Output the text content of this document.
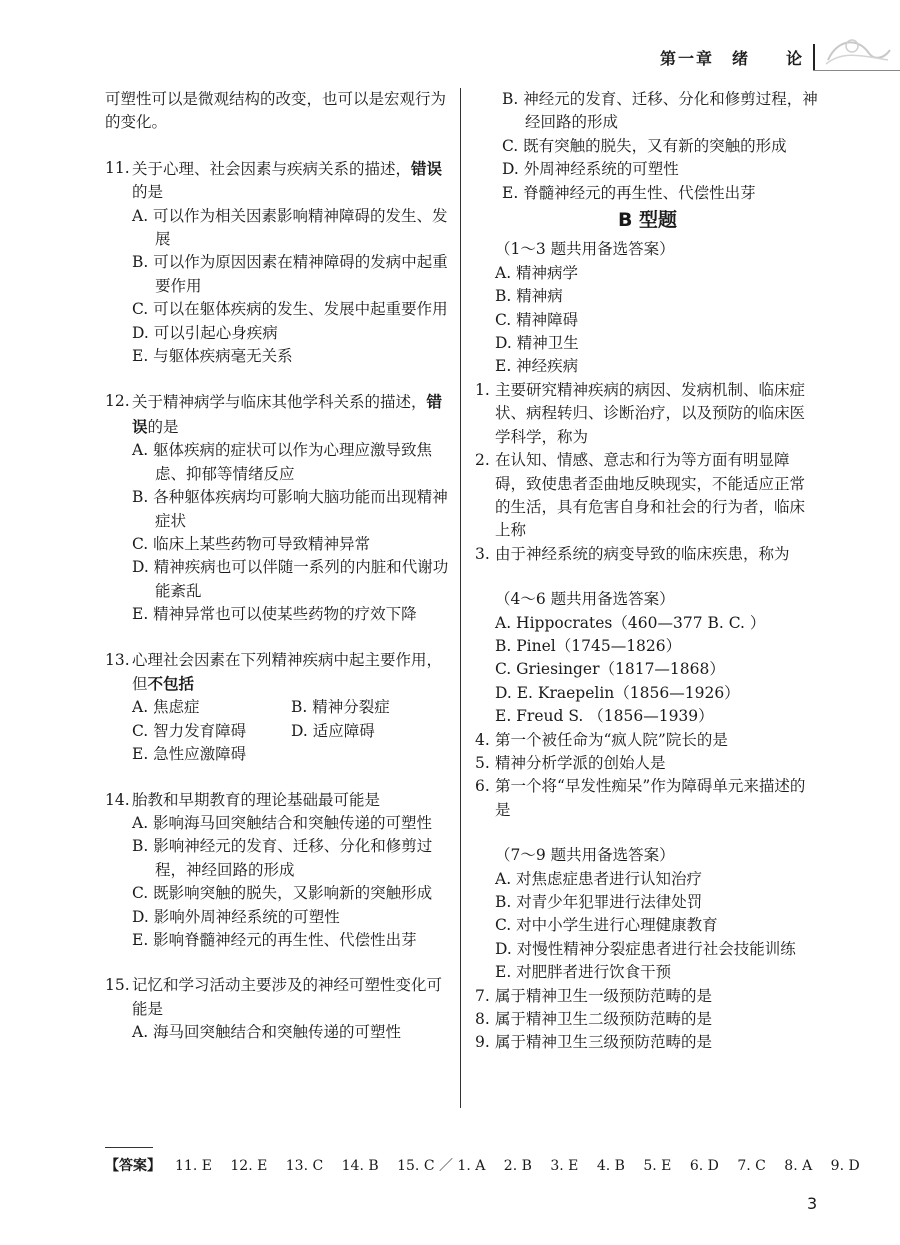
第一章　绪　　论
可塑性可以是微观结构的改变，也可以是宏观行为的变化。
11. 关于心理、社会因素与疾病关系的描述，错误的是
A. 可以作为相关因素影响精神障碍的发生、发展
B. 可以作为原因因素在精神障碍的发病中起重要作用
C. 可以在躯体疾病的发生、发展中起重要作用
D. 可以引起心身疾病
E. 与躯体疾病毫无关系
12. 关于精神病学与临床其他学科关系的描述，错误的是
A. 躯体疾病的症状可以作为心理应激导致焦虑、抑郁等情绪反应
B. 各种躯体疾病均可影响大脑功能而出现精神症状
C. 临床上某些药物可导致精神异常
D. 精神疾病也可以伴随一系列的内脏和代谢功能紊乱
E. 精神异常也可以使某些药物的疗效下降
13. 心理社会因素在下列精神疾病中起主要作用，但不包括
A. 焦虑症	B. 精神分裂症
C. 智力发育障碍	D. 适应障碍
E. 急性应激障碍
14. 胎教和早期教育的理论基础最可能是
A. 影响海马回突触结合和突触传递的可塑性
B. 影响神经元的发育、迁移、分化和修剪过程，神经回路的形成
C. 既影响突触的脱失，又影响新的突触形成
D. 影响外周神经系统的可塑性
E. 影响脊髓神经元的再生性、代偿性出芽
15. 记忆和学习活动主要涉及的神经可塑性变化可能是
A. 海马回突触结合和突触传递的可塑性
B. 神经元的发育、迁移、分化和修剪过程，神经回路的形成
C. 既有突触的脱失，又有新的突触的形成
D. 外周神经系统的可塑性
E. 脊髓神经元的再生性、代偿性出芽
B 型题
（1～3 题共用备选答案）
A. 精神病学
B. 精神病
C. 精神障碍
D. 精神卫生
E. 神经疾病
1. 主要研究精神疾病的病因、发病机制、临床症状、病程转归、诊断治疗，以及预防的临床医学科学，称为
2. 在认知、情感、意志和行为等方面有明显障碍，致使患者歪曲地反映现实，不能适应正常的生活，具有危害自身和社会的行为者，临床上称
3. 由于神经系统的病变导致的临床疾患，称为
（4～6 题共用备选答案）
A. Hippocrates（460—377 B. C. ）
B. Pinel（1745—1826）
C. Griesinger（1817—1868）
D. E. Kraepelin（1856—1926）
E. Freud S. （1856—1939）
4. 第一个被任命为“疯人院”院长的是
5. 精神分析学派的创始人是
6. 第一个将“早发性痴呆”作为障碍单元来描述的是
（7～9 题共用备选答案）
A. 对焦虑症患者进行认知治疗
B. 对青少年犯罪进行法律处罚
C. 对中小学生进行心理健康教育
D. 对慢性精神分裂症患者进行社会技能训练
E. 对肥胖者进行饮食干预
7. 属于精神卫生一级预防范畴的是
8. 属于精神卫生二级预防范畴的是
9. 属于精神卫生三级预防范畴的是
【答案】 11. E　 12. E　 13. C　 14. B　 15. C ／ 1. A　 2. B　 3. E　 4. B　 5. E　 6. D　 7. C　 8. A　 9. D
3
